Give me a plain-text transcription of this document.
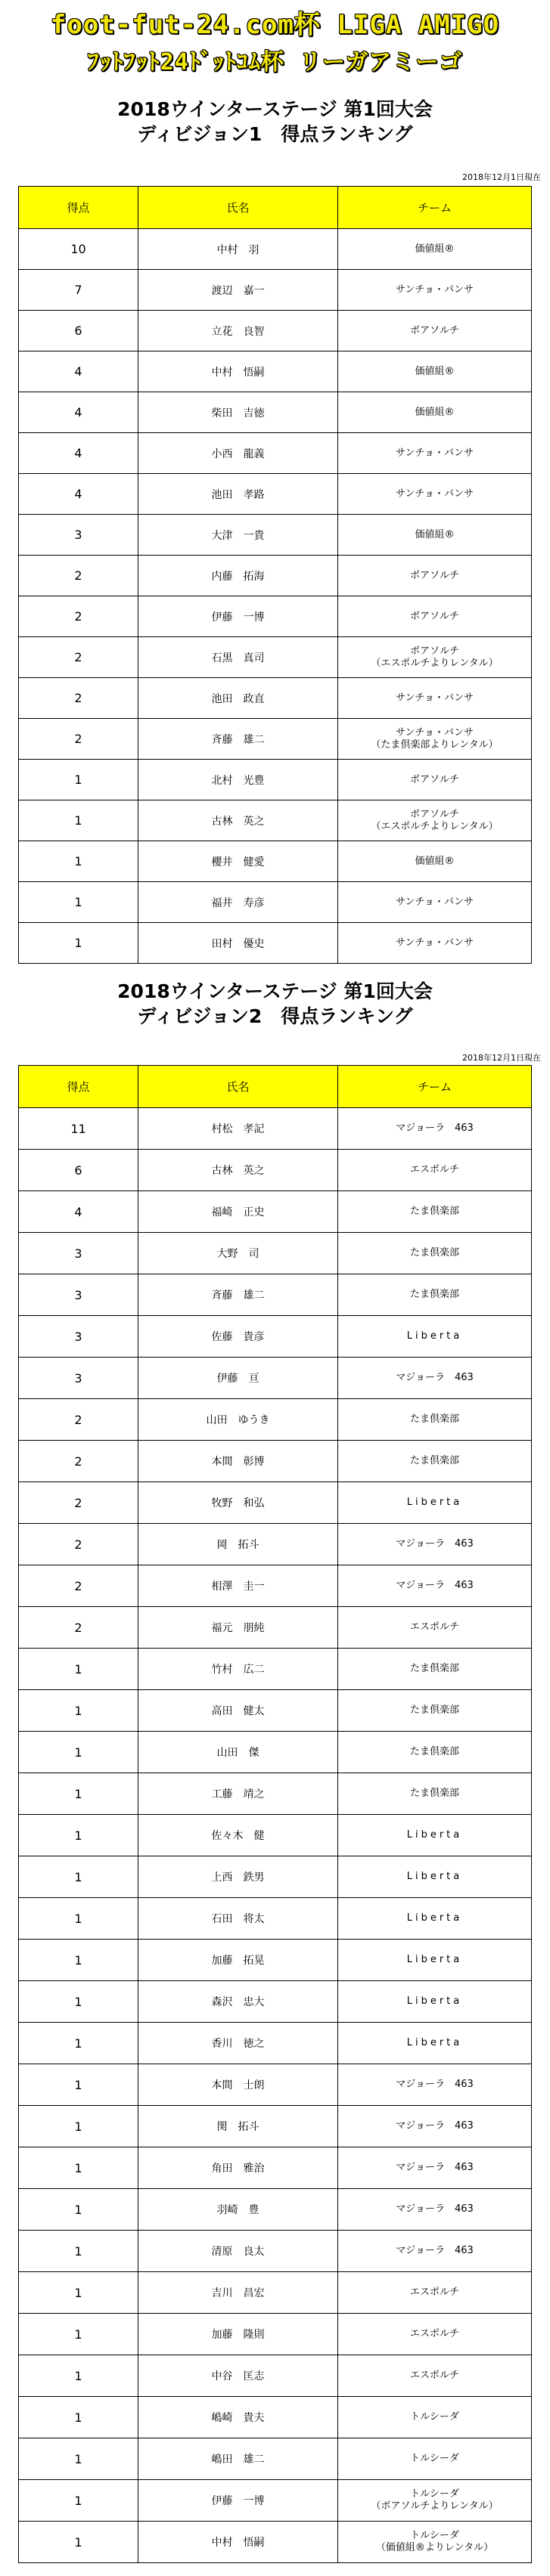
foot-fut-24.com杯 LIGA AMIGO
ﾌｯﾄﾌｯﾄ24ﾄﾞｯﾄｺﾑ杯 リーガアミーゴ
2018ウインターステージ 第1回大会
ディビジョン1　得点ランキング
2018年12月1日現在
得点	氏名	チーム
10	中村 羽	価値組®

7	渡辺 嘉一	サンチョ・パンサ

6	立花 良智	ボアソルチ

4	中村 悟嗣	価値組®

4	柴田 吉徳	価値組®

4	小西 龍義	サンチョ・パンサ

4	池田 孝路	サンチョ・パンサ

3	大津 一貴	価値組®

2	内藤 拓海	ボアソルチ

2	伊藤 一博	ボアソルチ

2	石黒 真司	ボアソルチ
（エスポルチよりレンタル）

2	池田 政直	サンチョ・パンサ

2	斉藤 雄二	サンチョ・パンサ
（たま倶楽部よりレンタル）

1	北村 光豊	ボアソルチ

1	古林 英之	ボアソルチ
（エスポルチよりレンタル）

1	櫻井 健愛	価値組®

1	福井 寿彦	サンチョ・パンサ

1	田村 優史	サンチョ・パンサ
2018ウインターステージ 第1回大会
ディビジョン2　得点ランキング
2018年12月1日現在
得点	氏名	チーム
11	村松 孝記	マジョーラ　463

6	古林 英之	エスポルチ

4	福崎 正史	たま倶楽部

3	大野 司	たま倶楽部

3	斉藤 雄二	たま倶楽部

3	佐藤 貴彦	Liberta

3	伊藤 亘	マジョーラ　463

2	山田 ゆうき	たま倶楽部

2	本間 彰博	たま倶楽部

2	牧野 和弘	Liberta

2	岡 拓斗	マジョーラ　463

2	相澤 圭一	マジョーラ　463

2	福元 朋純	エスポルチ

1	竹村 広二	たま倶楽部

1	高田 健太	たま倶楽部

1	山田 傑	たま倶楽部

1	工藤 靖之	たま倶楽部

1	佐々木 健	Liberta

1	上西 鉄男	Liberta

1	石田 将太	Liberta

1	加藤 拓晃	Liberta

1	森沢 忠大	Liberta

1	香川 徳之	Liberta

1	本間 士朗	マジョーラ　463

1	関 拓斗	マジョーラ　463

1	角田 雅治	マジョーラ　463

1	羽崎 豊	マジョーラ　463

1	清原 良太	マジョーラ　463

1	吉川 昌宏	エスポルチ

1	加藤 隆則	エスポルチ

1	中谷 匡志	エスポルチ

1	嶋崎 貴夫	トルシーダ

1	嶋田 雄二	トルシーダ

1	伊藤 一博	トルシーダ
（ボアソルチよりレンタル）

1	中村 悟嗣	トルシーダ
（価値組®よりレンタル）
